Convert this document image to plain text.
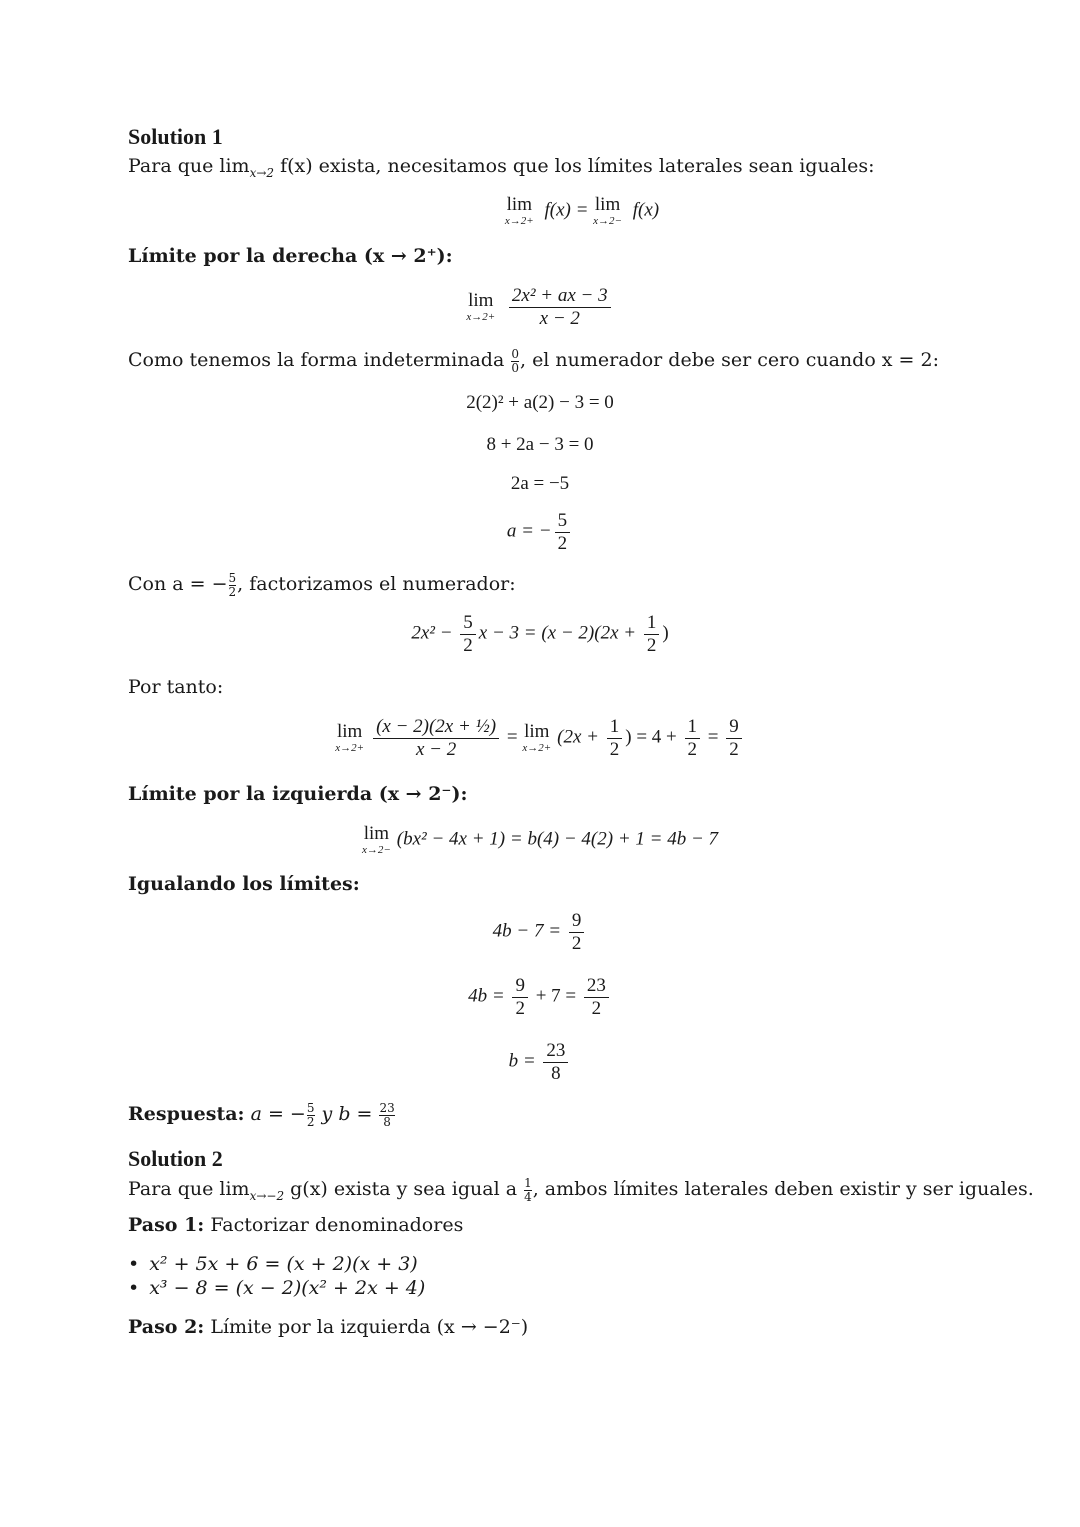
Solution 1
Para que $\lim_{x\to 2} f(x)$ exista, necesitamos que los límites laterales sean iguales:
lim
x→2+
f(x) = lim
x→2−
f(x)
Límite por la derecha (x → 2⁺):
lim
x→2+
$\frac{\text{2x² + ax − 3}}{x - 2}$
Como tenemos la forma indeterminada $\frac{0}{0}$ , el numerador debe ser cero cuando x = 2:
2(2)² + a(2) − 3 = 0
8 + 2a − 3 = 0
2a = −5
a = − $\frac{5}{2}$
Con a = − $\frac{5}{2}$ , factorizamos el numerador:
$2x^2 - \frac{5}{2}$ $x - 3 = (x - 2)(2x + \frac{1}{2}$ )
Por tanto:
lim
$x\to 2+ \frac{\text{(x − 2)(2x + ½)}}{x - 2} = \lim$
x→2+
($2x + \frac{1}{2}$ ) = $4 + \frac{1}{2} = \frac{9}{2}$
Límite por la izquierda (x → 2⁻):
lim
x→2−
(bx² − 4x + 1) = b(4) − 4(2) + 1 = 4b − 7
Igualando los límites:
$4b - 7 = \frac{9}{2}$
$4b = \frac{9}{2} + 7 = \frac{23}{2}$
$b = \frac{23}{8}$
Respuesta: a = − $\frac{5}{2}$ y $b = \frac{23}{8}$
Solution 2
Para que $\lim_{x\to-2} g(x)$ exista y sea igual a $\frac{1}{4}$ , ambos límites laterales deben existir y ser iguales.
Paso 1: Factorizar denominadores
• x² + 5x + 6 = (x + 2)(x + 3)
• x³ − 8 = (x − 2)(x² + 2x + 4)
Paso 2: Límite por la izquierda (x → −2⁻)
